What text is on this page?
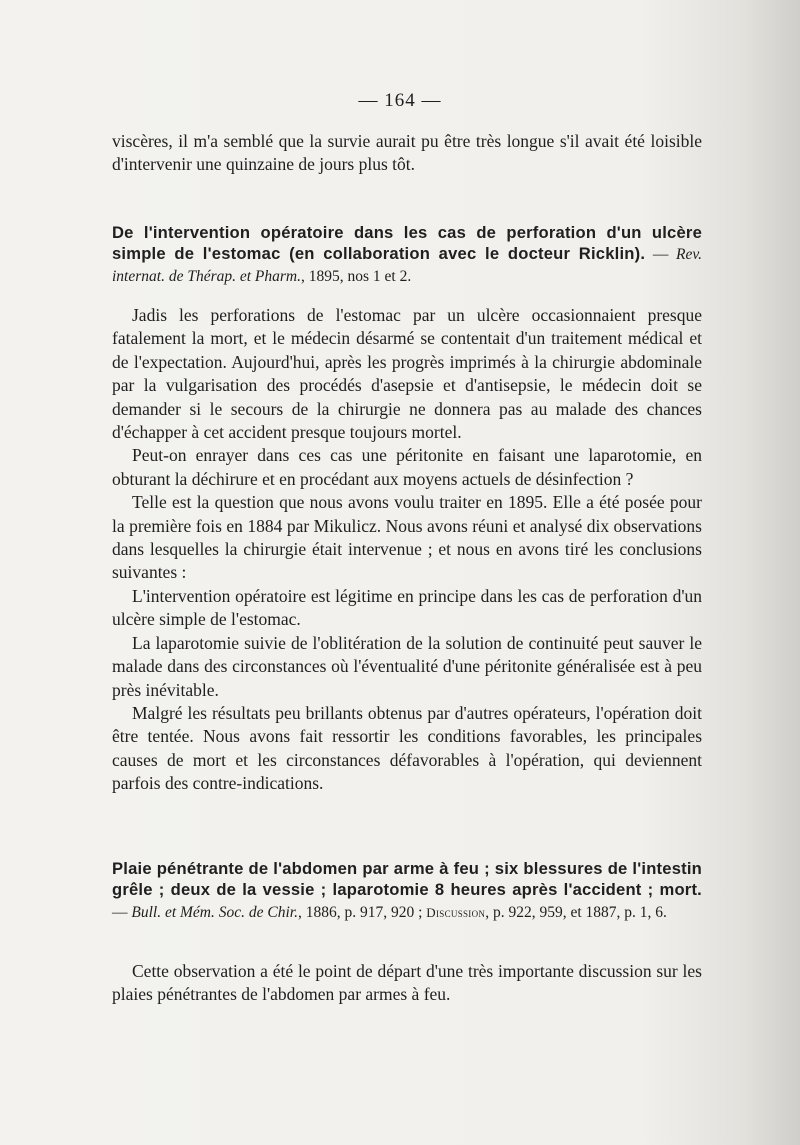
— 164 —

viscères, il m'a semblé que la survie aurait pu être très longue s'il avait été loisible d'intervenir une quinzaine de jours plus tôt.

De l'intervention opératoire dans les cas de perforation d'un ulcère simple de l'estomac (en collaboration avec le docteur Ricklin). — Rev. internat. de Thérap. et Pharm., 1895, nos 1 et 2.

Jadis les perforations de l'estomac par un ulcère occasionnaient presque fatalement la mort, et le médecin désarmé se contentait d'un traitement médical et de l'expectation. Aujourd'hui, après les progrès imprimés à la chirurgie abdominale par la vulgarisation des procédés d'asepsie et d'antisepsie, le médecin doit se demander si le secours de la chirurgie ne donnera pas au malade des chances d'échapper à cet accident presque toujours mortel.

Peut-on enrayer dans ces cas une péritonite en faisant une laparotomie, en obturant la déchirure et en procédant aux moyens actuels de désinfection ?

Telle est la question que nous avons voulu traiter en 1895. Elle a été posée pour la première fois en 1884 par Mikulicz. Nous avons réuni et analysé dix observations dans lesquelles la chirurgie était intervenue ; et nous en avons tiré les conclusions suivantes :

L'intervention opératoire est légitime en principe dans les cas de perforation d'un ulcère simple de l'estomac.

La laparotomie suivie de l'oblitération de la solution de continuité peut sauver le malade dans des circonstances où l'éventualité d'une péritonite généralisée est à peu près inévitable.

Malgré les résultats peu brillants obtenus par d'autres opérateurs, l'opération doit être tentée. Nous avons fait ressortir les conditions favorables, les principales causes de mort et les circonstances défavorables à l'opération, qui deviennent parfois des contre-indications.

Plaie pénétrante de l'abdomen par arme à feu ; six blessures de l'intestin grêle ; deux de la vessie ; laparotomie 8 heures après l'accident ; mort. — Bull. et Mém. Soc. de Chir., 1886, p. 917, 920 ; Discussion, p. 922, 959, et 1887, p. 1, 6.

Cette observation a été le point de départ d'une très importante discussion sur les plaies pénétrantes de l'abdomen par armes à feu.
